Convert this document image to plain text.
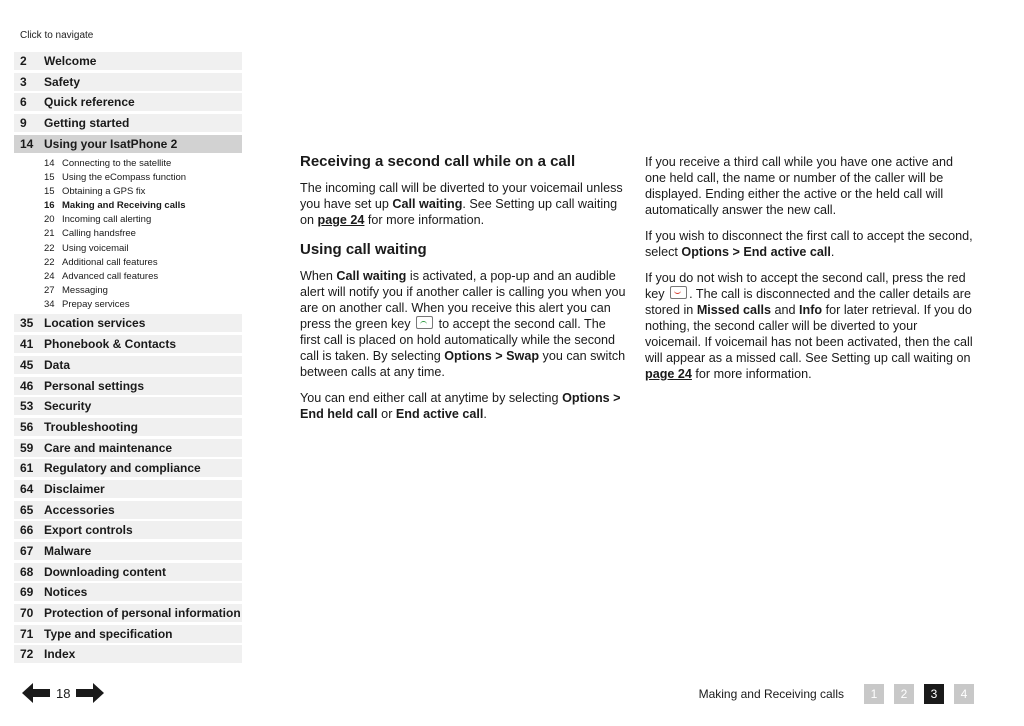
Click to navigate
2	Welcome
3	Safety
6	Quick reference
9	Getting started
14 Using your IsatPhone 2
14 Connecting to the satellite
15 Using the eCompass function
15 Obtaining a GPS fix
16 Making and Receiving calls
20 Incoming call alerting
21 Calling handsfree
22 Using voicemail
22 Additional call features
24 Advanced call features
27 Messaging
34 Prepay services
35 Location services
41 Phonebook & Contacts
45 Data
46 Personal settings
53 Security
56 Troubleshooting
59 Care and maintenance
61 Regulatory and compliance
64 Disclaimer
65 Accessories
66 Export controls
67 Malware
68 Downloading content
69 Notices
70 Protection of personal information
71 Type and specification
72 Index
Receiving a second call while on a call

The incoming call will be diverted to your voicemail unless you have set up Call waiting. See Setting up call waiting on page 24 for more information.

Using call waiting

When Call waiting is activated, a pop-up and an audible alert will notify you if another caller is calling you when you are on another call. When you receive this alert you can press the green key  to accept the second call. The first call is placed on hold automatically while the second call is taken. By selecting Options > Swap you can switch between calls at any time.

You can end either call at anytime by selecting Options > End held call or End active call.

If you receive a third call while you have one active and one held call, the name or number of the caller will be displayed. Ending either the active or the held call will automatically answer the new call.

If you wish to disconnect the first call to accept the second, select Options > End active call.

If you do not wish to accept the second call, press the red key . The call is disconnected and the caller details are stored in Missed calls and Info for later retrieval. If you do nothing, the second caller will be diverted to your voicemail. If voicemail has not been activated, then the call will appear as a missed call. See Setting up call waiting on page 24 for more information.

18	Making and Receiving calls	1	2	3	4
